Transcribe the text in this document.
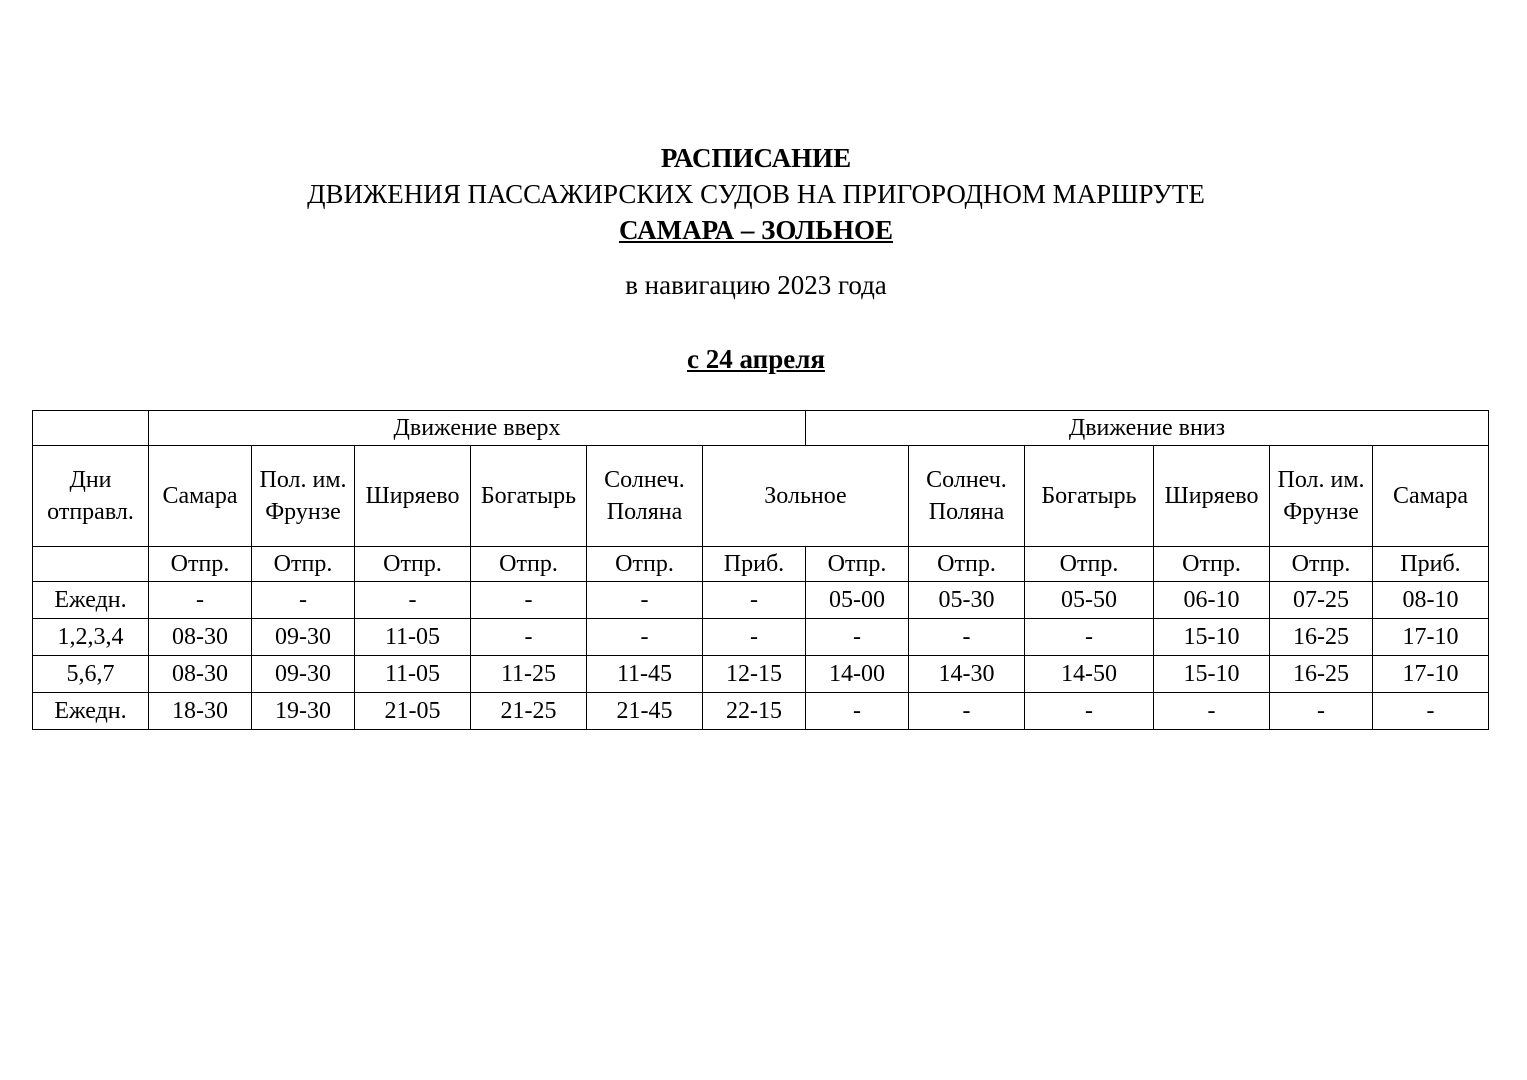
РАСПИСАНИЕ
ДВИЖЕНИЯ ПАССАЖИРСКИХ СУДОВ НА ПРИГОРОДНОМ МАРШРУТЕ
САМАРА – ЗОЛЬНОЕ
в навигацию 2023 года
с 24 апреля
	Движение вверх						Движение вниз					
Дни отправл.	Самара	Пол. им. Фрунзе	Ширяево	Богатырь	Солнеч. Поляна	Зольное		Солнеч. Поляна	Богатырь	Ширяево	Пол. им. Фрунзе	Самара
	Отпр.	Отпр.	Отпр.	Отпр.	Отпр.	Приб.	Отпр.	Отпр.	Отпр.	Отпр.	Отпр.	Приб.
Ежедн.	-	-	-	-	-	-	05-00	05-30	05-50	06-10	07-25	08-10
1,2,3,4	08-30	09-30	11-05	-	-	-	-	-	-	15-10	16-25	17-10
5,6,7	08-30	09-30	11-05	11-25	11-45	12-15	14-00	14-30	14-50	15-10	16-25	17-10
Ежедн.	18-30	19-30	21-05	21-25	21-45	22-15	-	-	-	-	-	-
